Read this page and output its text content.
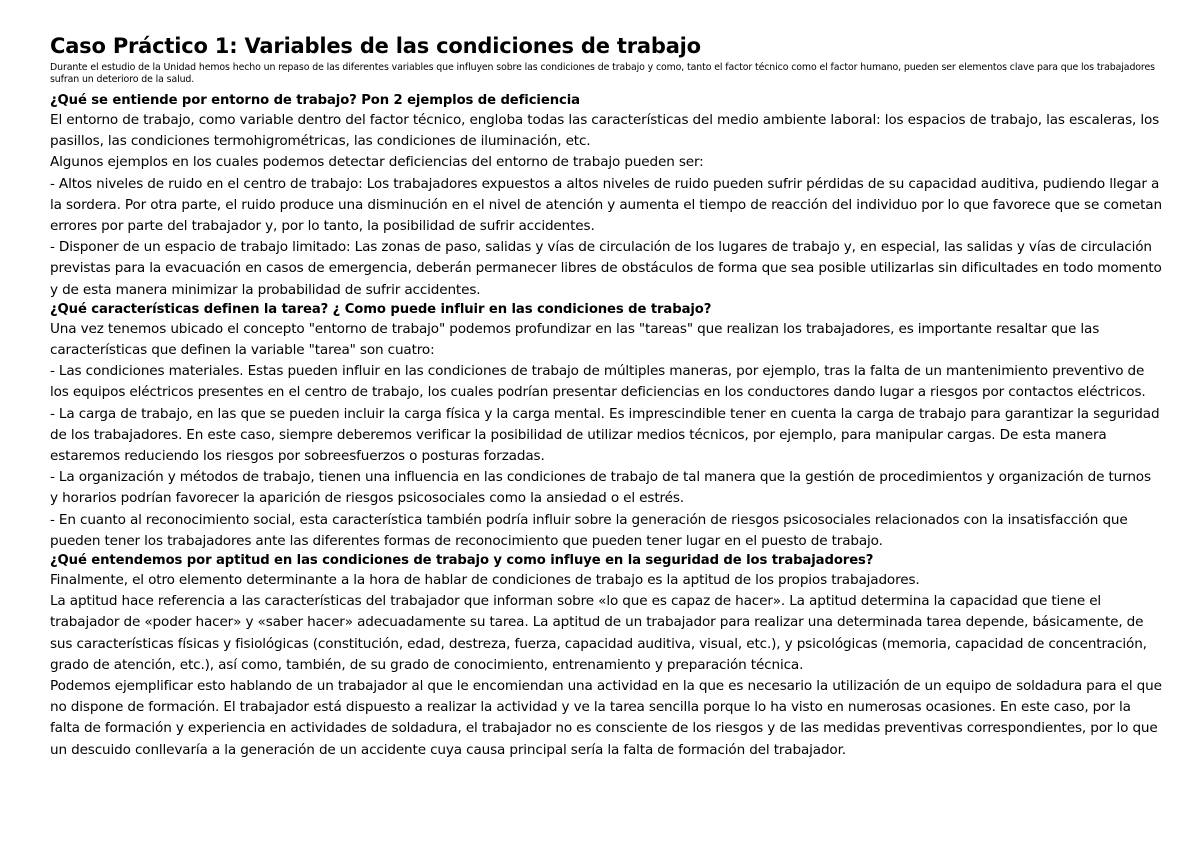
Caso Práctico 1: Variables de las condiciones de trabajo

Durante el estudio de la Unidad hemos hecho un repaso de las diferentes variables que influyen sobre las condiciones de trabajo y como, tanto el factor técnico como el factor humano, pueden ser elementos clave para que los trabajadores sufran un deterioro de la salud.

¿Qué se entiende por entorno de trabajo? Pon 2 ejemplos de deficiencia

El entorno de trabajo, como variable dentro del factor técnico, engloba todas las características del medio ambiente laboral: los espacios de trabajo, las escaleras, los pasillos, las condiciones termohigrométricas, las condiciones de iluminación, etc.

Algunos ejemplos en los cuales podemos detectar deficiencias del entorno de trabajo pueden ser:

- Altos niveles de ruido en el centro de trabajo: Los trabajadores expuestos a altos niveles de ruido pueden sufrir pérdidas de su capacidad auditiva, pudiendo llegar a la sordera. Por otra parte, el ruido produce una disminución en el nivel de atención y aumenta el tiempo de reacción del individuo por lo que favorece que se cometan errores por parte del trabajador y, por lo tanto, la posibilidad de sufrir accidentes.

- Disponer de un espacio de trabajo limitado: Las zonas de paso, salidas y vías de circulación de los lugares de trabajo y, en especial, las salidas y vías de circulación previstas para la evacuación en casos de emergencia, deberán permanecer libres de obstáculos de forma que sea posible utilizarlas sin dificultades en todo momento y de esta manera minimizar la probabilidad de sufrir accidentes.

¿Qué características definen la tarea? ¿ Como puede influir en las condiciones de trabajo?

Una vez tenemos ubicado el concepto "entorno de trabajo" podemos profundizar en las "tareas" que realizan los trabajadores, es importante resaltar que las características que definen la variable "tarea" son cuatro:

- Las condiciones materiales. Estas pueden influir en las condiciones de trabajo de múltiples maneras, por ejemplo, tras la falta de un mantenimiento preventivo de los equipos eléctricos presentes en el centro de trabajo, los cuales podrían presentar deficiencias en los conductores dando lugar a riesgos por contactos eléctricos.

- La carga de trabajo, en las que se pueden incluir la carga física y la carga mental. Es imprescindible tener en cuenta la carga de trabajo para garantizar la seguridad de los trabajadores. En este caso, siempre deberemos verificar la posibilidad de utilizar medios técnicos, por ejemplo, para manipular cargas. De esta manera estaremos reduciendo los riesgos por sobreesfuerzos o posturas forzadas.

- La organización y métodos de trabajo, tienen una influencia en las condiciones de trabajo de tal manera que la gestión de procedimientos y organización de turnos y horarios podrían favorecer la aparición de riesgos psicosociales como la ansiedad o el estrés.

- En cuanto al reconocimiento social, esta característica también podría influir sobre la generación de riesgos psicosociales relacionados con la insatisfacción que pueden tener los trabajadores ante las diferentes formas de reconocimiento que pueden tener lugar en el puesto de trabajo.

¿Qué entendemos por aptitud en las condiciones de trabajo y como influye en la seguridad de los trabajadores?

Finalmente, el otro elemento determinante a la hora de hablar de condiciones de trabajo es la aptitud de los propios trabajadores.

La aptitud hace referencia a las características del trabajador que informan sobre «lo que es capaz de hacer». La aptitud determina la capacidad que tiene el trabajador de «poder hacer» y «saber hacer» adecuadamente su tarea. La aptitud de un trabajador para realizar una determinada tarea depende, básicamente, de sus características físicas y fisiológicas (constitución, edad, destreza, fuerza, capacidad auditiva, visual, etc.), y psicológicas (memoria, capacidad de concentración, grado de atención, etc.), así como, también, de su grado de conocimiento, entrenamiento y preparación técnica.

Podemos ejemplificar esto hablando de un trabajador al que le encomiendan una actividad en la que es necesario la utilización de un equipo de soldadura para el que no dispone de formación. El trabajador está dispuesto a realizar la actividad y ve la tarea sencilla porque lo ha visto en numerosas ocasiones. En este caso, por la falta de formación y experiencia en actividades de soldadura, el trabajador no es consciente de los riesgos y de las medidas preventivas correspondientes, por lo que un descuido conllevaría a la generación de un accidente cuya causa principal sería la falta de formación del trabajador.
